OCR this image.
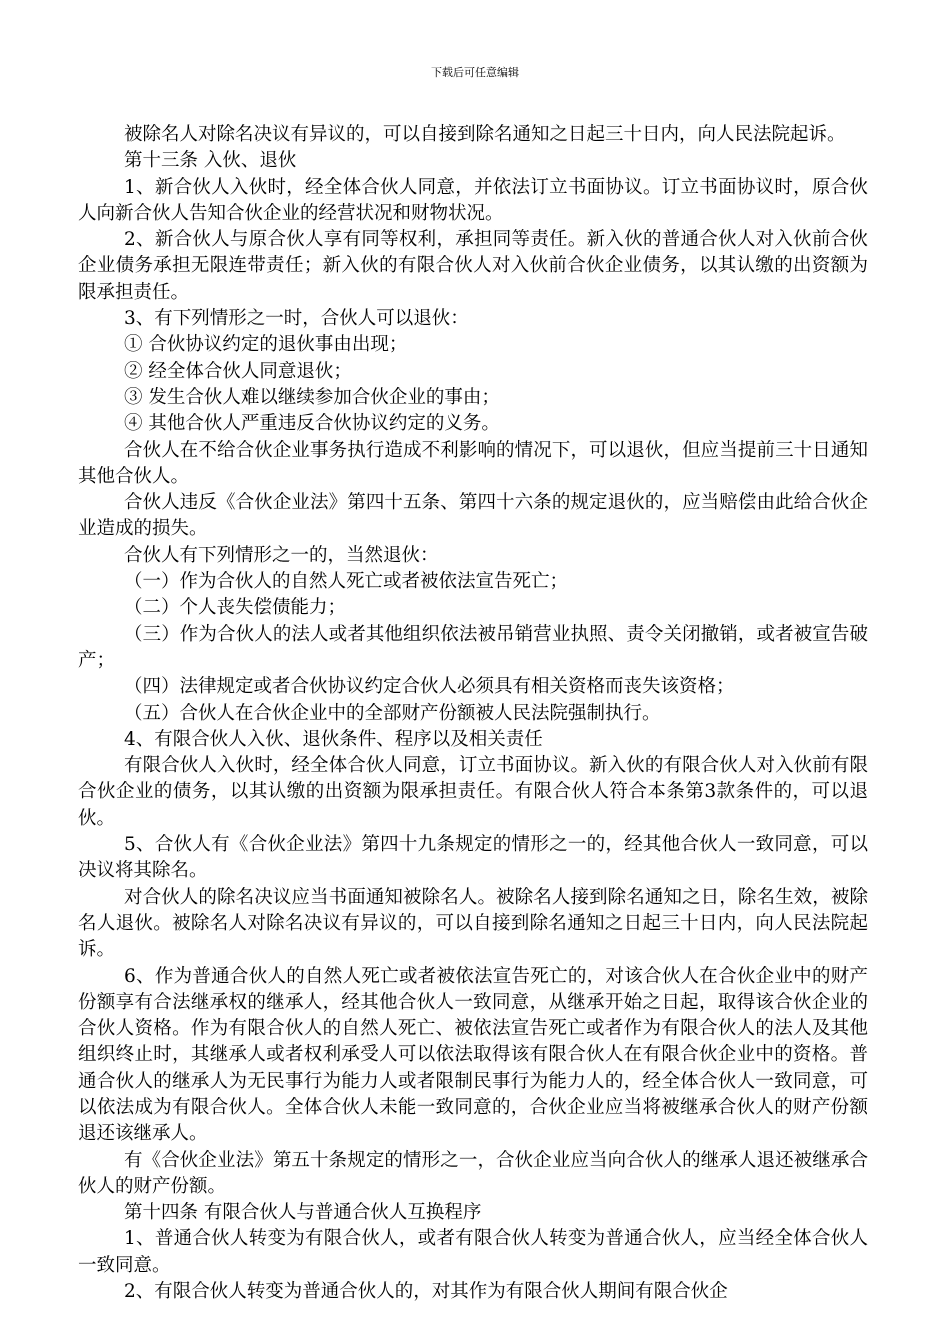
下载后可任意编辑

被除名人对除名决议有异议的，可以自接到除名通知之日起三十日内，向人民法院起诉。

第十三条 入伙、退伙

1、新合伙人入伙时，经全体合伙人同意，并依法订立书面协议。订立书面协议时，原合伙人向新合伙人告知合伙企业的经营状况和财物状况。

2、新合伙人与原合伙人享有同等权利，承担同等责任。新入伙的普通合伙人对入伙前合伙企业债务承担无限连带责任；新入伙的有限合伙人对入伙前合伙企业债务，以其认缴的出资额为限承担责任。

3、有下列情形之一时，合伙人可以退伙：

① 合伙协议约定的退伙事由出现；

② 经全体合伙人同意退伙；

③ 发生合伙人难以继续参加合伙企业的事由；

④ 其他合伙人严重违反合伙协议约定的义务。

合伙人在不给合伙企业事务执行造成不利影响的情况下，可以退伙，但应当提前三十日通知其他合伙人。

合伙人违反《合伙企业法》第四十五条、第四十六条的规定退伙的，应当赔偿由此给合伙企业造成的损失。

合伙人有下列情形之一的，当然退伙：

（一）作为合伙人的自然人死亡或者被依法宣告死亡；

（二）个人丧失偿债能力；

（三）作为合伙人的法人或者其他组织依法被吊销营业执照、责令关闭撤销，或者被宣告破产；

（四）法律规定或者合伙协议约定合伙人必须具有相关资格而丧失该资格；

（五）合伙人在合伙企业中的全部财产份额被人民法院强制执行。

4、有限合伙人入伙、退伙条件、程序以及相关责任

有限合伙人入伙时，经全体合伙人同意，订立书面协议。新入伙的有限合伙人对入伙前有限合伙企业的债务，以其认缴的出资额为限承担责任。有限合伙人符合本条第3款条件的，可以退伙。

5、合伙人有《合伙企业法》第四十九条规定的情形之一的，经其他合伙人一致同意，可以决议将其除名。

对合伙人的除名决议应当书面通知被除名人。被除名人接到除名通知之日，除名生效，被除名人退伙。被除名人对除名决议有异议的，可以自接到除名通知之日起三十日内，向人民法院起诉。

6、作为普通合伙人的自然人死亡或者被依法宣告死亡的，对该合伙人在合伙企业中的财产份额享有合法继承权的继承人，经其他合伙人一致同意，从继承开始之日起，取得该合伙企业的合伙人资格。作为有限合伙人的自然人死亡、被依法宣告死亡或者作为有限合伙人的法人及其他组织终止时，其继承人或者权利承受人可以依法取得该有限合伙人在有限合伙企业中的资格。普通合伙人的继承人为无民事行为能力人或者限制民事行为能力人的，经全体合伙人一致同意，可以依法成为有限合伙人。全体合伙人未能一致同意的，合伙企业应当将被继承合伙人的财产份额退还该继承人。

有《合伙企业法》第五十条规定的情形之一，合伙企业应当向合伙人的继承人退还被继承合伙人的财产份额。

第十四条 有限合伙人与普通合伙人互换程序

1、普通合伙人转变为有限合伙人，或者有限合伙人转变为普通合伙人，应当经全体合伙人一致同意。

2、有限合伙人转变为普通合伙人的，对其作为有限合伙人期间有限合伙企
